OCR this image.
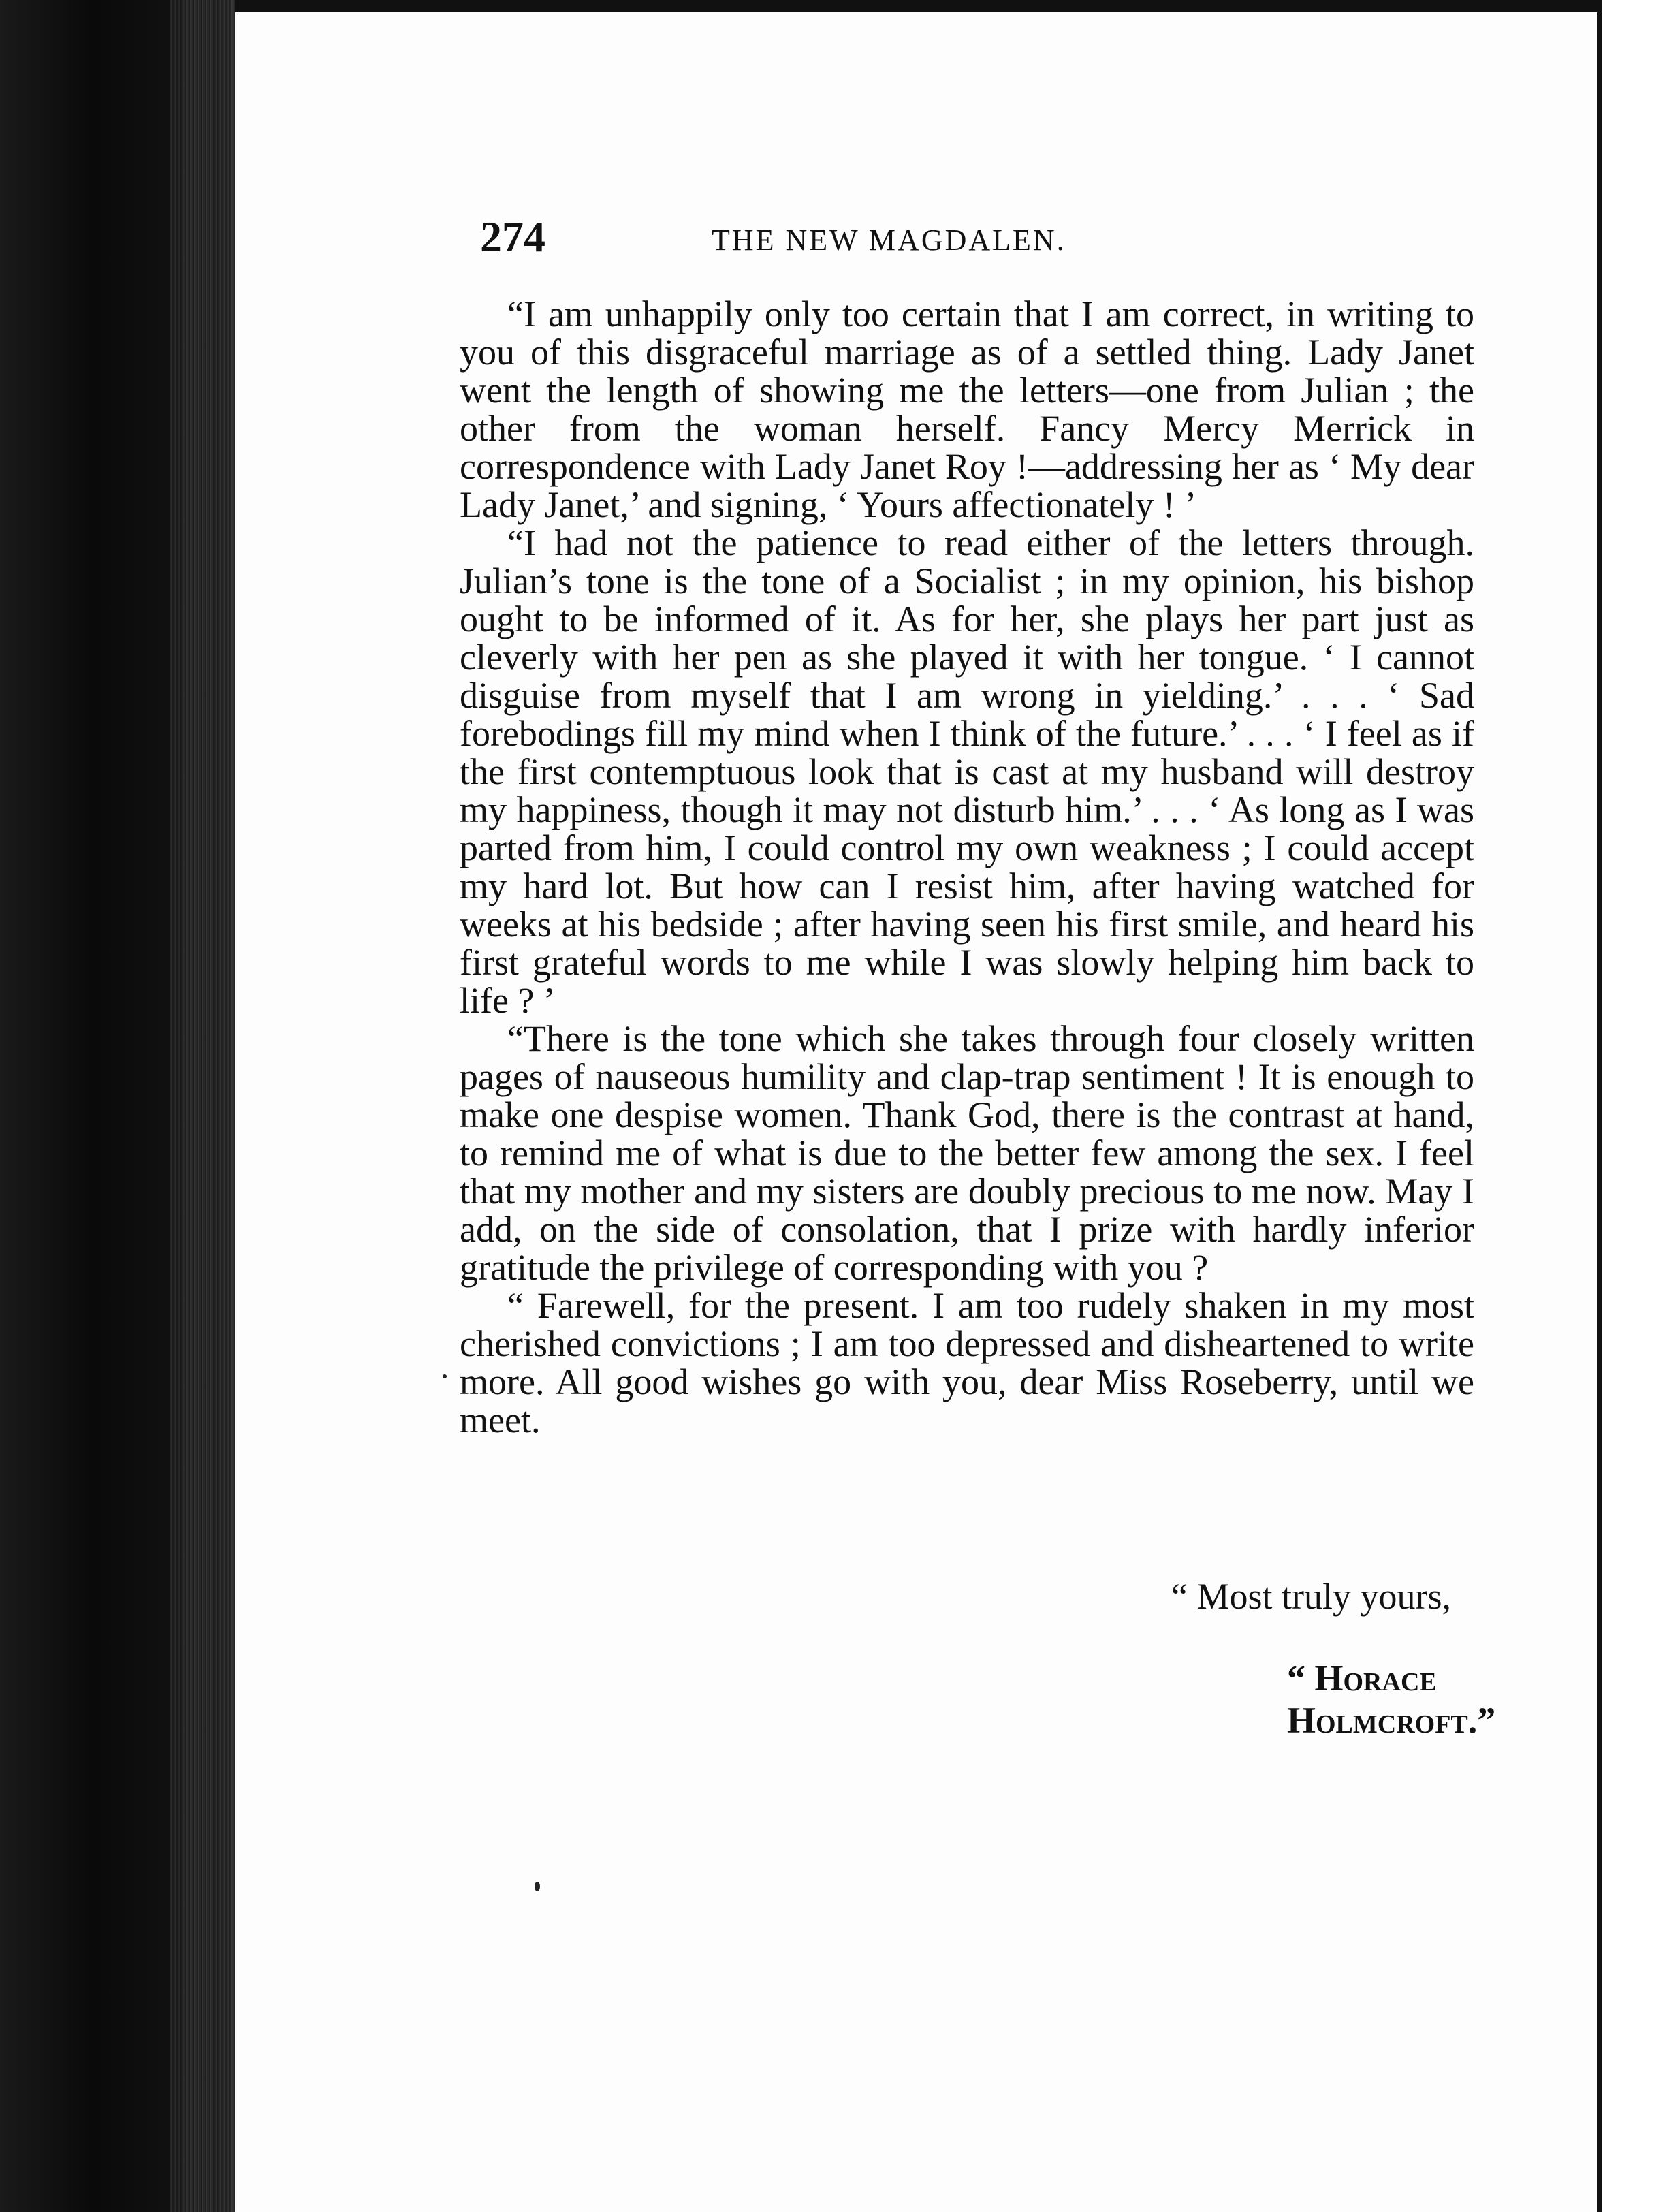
274	THE NEW MAGDALEN.

“I am unhappily only too certain that I am correct, in writing to you of this disgraceful marriage as of a settled thing. Lady Janet went the length of showing me the letters—one from Julian ; the other from the woman herself. Fancy Mercy Merrick in correspondence with Lady Janet Roy !—addressing her as ‘ My dear Lady Janet,’ and signing, ‘ Yours affectionately ! ’

“I had not the patience to read either of the letters through. Julian’s tone is the tone of a Socialist ; in my opinion, his bishop ought to be informed of it. As for her, she plays her part just as cleverly with her pen as she played it with her tongue. ‘ I cannot disguise from myself that I am wrong in yielding.’ . . . ‘ Sad forebodings fill my mind when I think of the future.’ . . . ‘ I feel as if the first contemptuous look that is cast at my husband will destroy my happiness, though it may not disturb him.’ . . . ‘ As long as I was parted from him, I could control my own weakness ; I could accept my hard lot. But how can I resist him, after having watched for weeks at his bedside ; after having seen his first smile, and heard his first grateful words to me while I was slowly helping him back to life ? ’

“There is the tone which she takes through four closely written pages of nauseous humility and clap-trap sentiment ! It is enough to make one despise women. Thank God, there is the contrast at hand, to remind me of what is due to the better few among the sex. I feel that my mother and my sisters are doubly precious to me now. May I add, on the side of consolation, that I prize with hardly inferior gratitude the privilege of corresponding with you ?

“ Farewell, for the present. I am too rudely shaken in my most cherished convictions ; I am too depressed and disheartened to write more. All good wishes go with you, dear Miss Roseberry, until we meet.

“ Most truly yours,
“ Horace Holmcroft.”
